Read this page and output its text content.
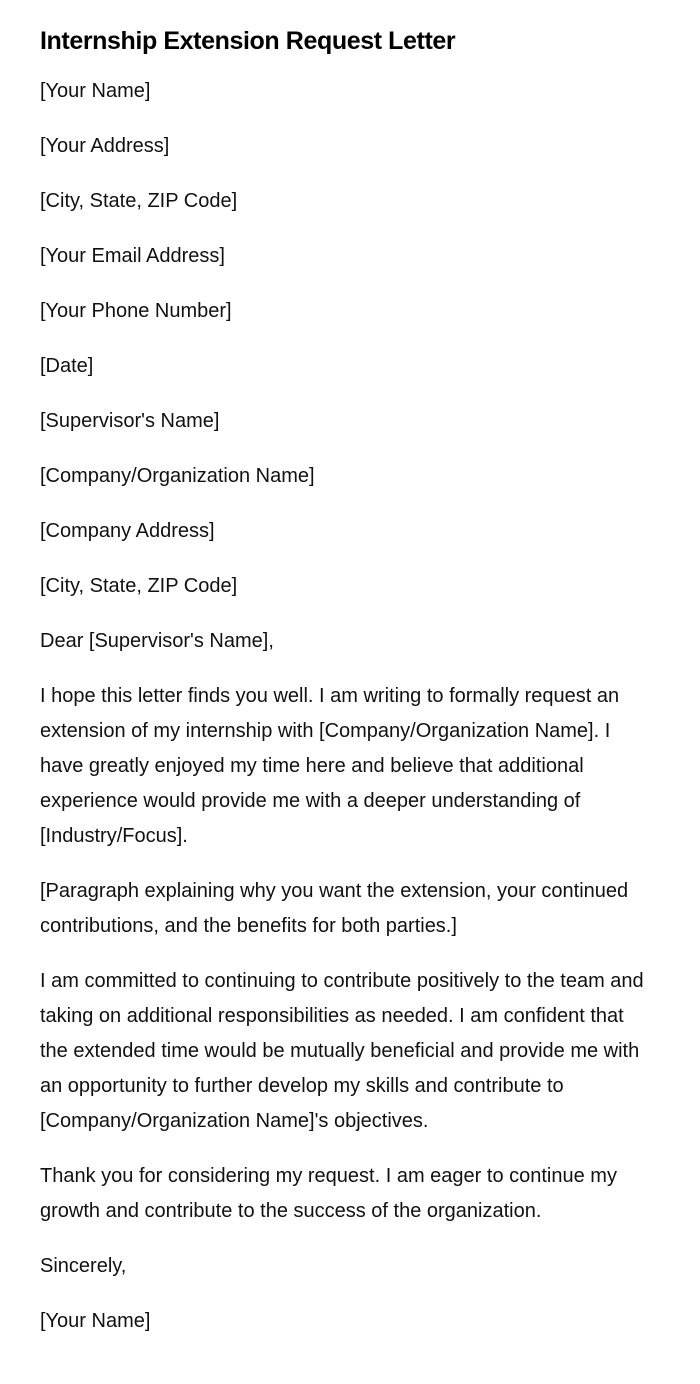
Internship Extension Request Letter

[Your Name]

[Your Address]

[City, State, ZIP Code]

[Your Email Address]

[Your Phone Number]

[Date]

[Supervisor's Name]

[Company/Organization Name]

[Company Address]

[City, State, ZIP Code]

Dear [Supervisor's Name],

I hope this letter finds you well. I am writing to formally request an extension of my internship with [Company/Organization Name]. I have greatly enjoyed my time here and believe that additional experience would provide me with a deeper understanding of [Industry/Focus].

[Paragraph explaining why you want the extension, your continued contributions, and the benefits for both parties.]

I am committed to continuing to contribute positively to the team and taking on additional responsibilities as needed. I am confident that the extended time would be mutually beneficial and provide me with an opportunity to further develop my skills and contribute to [Company/Organization Name]'s objectives.

Thank you for considering my request. I am eager to continue my growth and contribute to the success of the organization.

Sincerely,

[Your Name]
